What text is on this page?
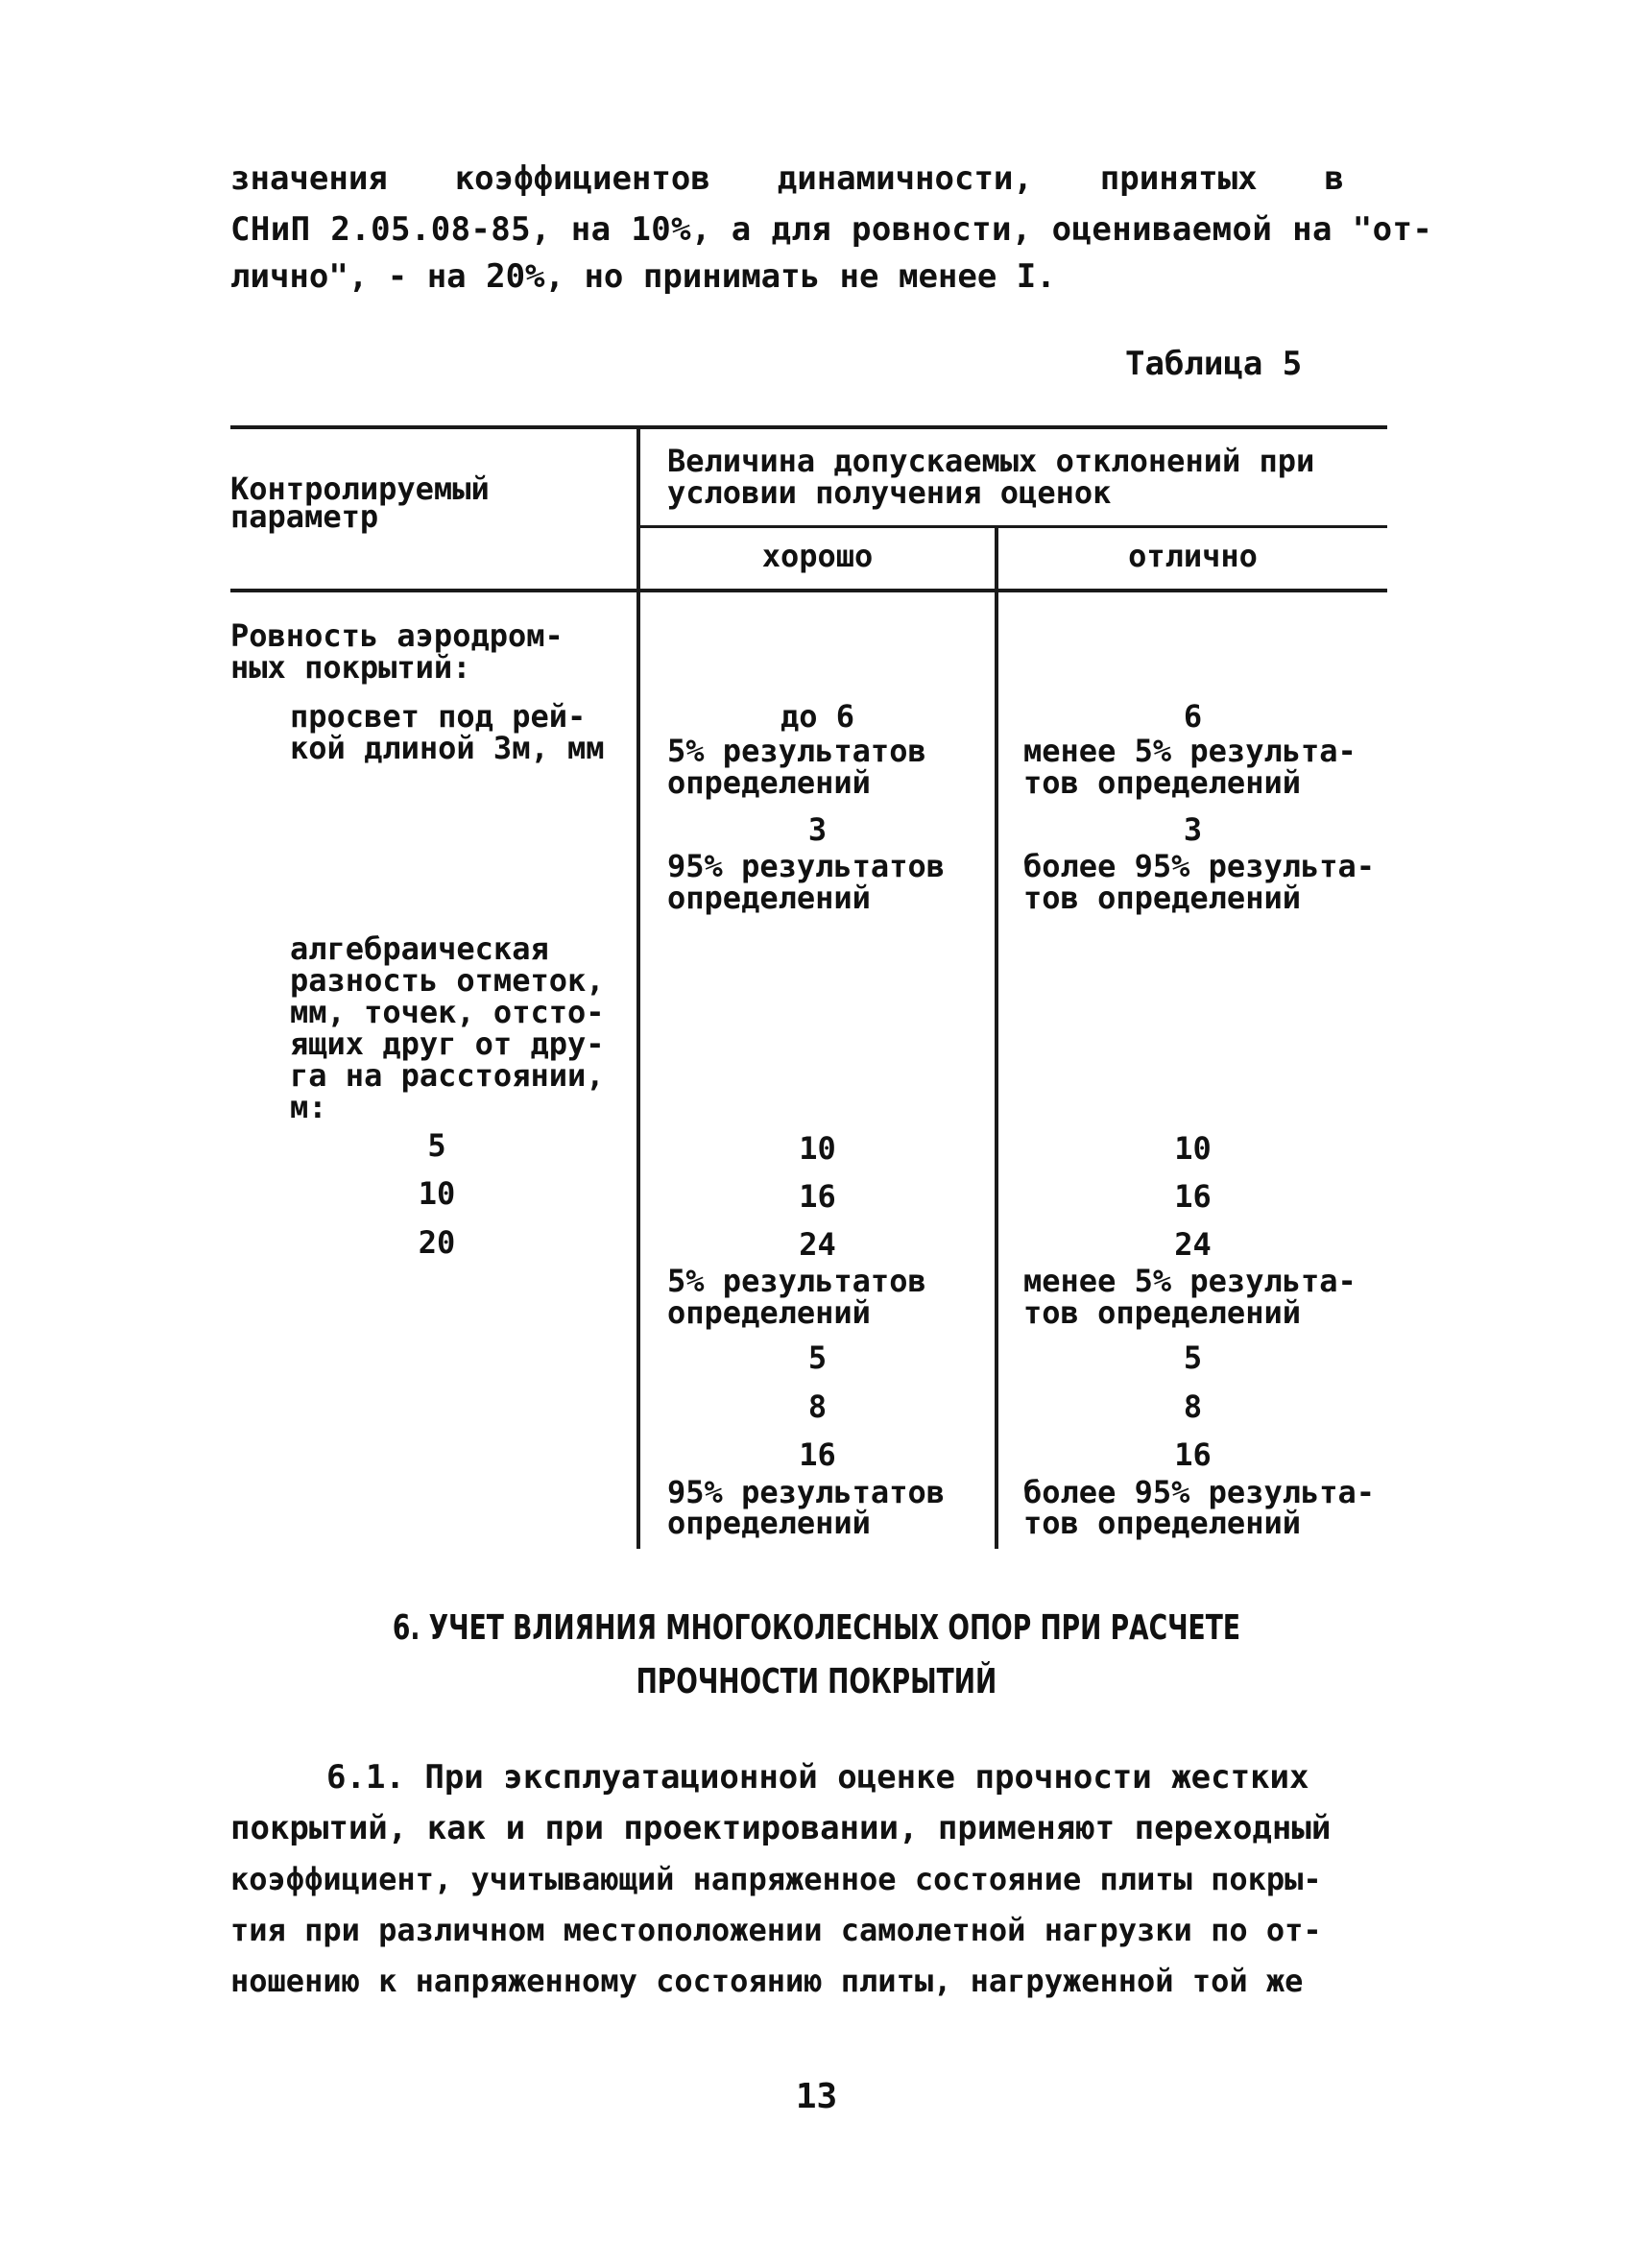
значения коэффициентов динамичности, принятых в
СНиП 2.05.08-85, на 10%, а для ровности, оцениваемой на "от-
лично", - на 20%, но принимать не менее I.
Таблица 5
Контролируемый
параметр
Величина допускаемых отклонений при
условии получения оценок
хорошо	отлично
Ровность аэродром-
ных покрытий:
просвет под рей-
кой длиной 3м, мм
алгебраическая
разность отметок,
мм, точек, отсто-
ящих друг от дру-
га на расстоянии,
м:
5
10
20
до 6
5% результатов
определений
3
95% результатов
определений
10
16
24
5% результатов
определений
5
8
16
95% результатов
определений
6
менее 5% результа-
тов определений
3
более 95% результа-
тов определений
10
16
24
менее 5% результа-
тов определений
5
8
16
более 95% результа-
тов определений
6. УЧЕТ ВЛИЯНИЯ МНОГОКОЛЕСНЫХ ОПОР ПРИ РАСЧЕТЕ
ПРОЧНОСТИ ПОКРЫТИЙ
6.1. При эксплуатационной оценке прочности жестких
покрытий, как и при проектировании, применяют переходный
коэффициент, учитывающий напряженное состояние плиты покры-
тия при различном местоположении самолетной нагрузки по от-
ношению к напряженному состоянию плиты, нагруженной той же
13
